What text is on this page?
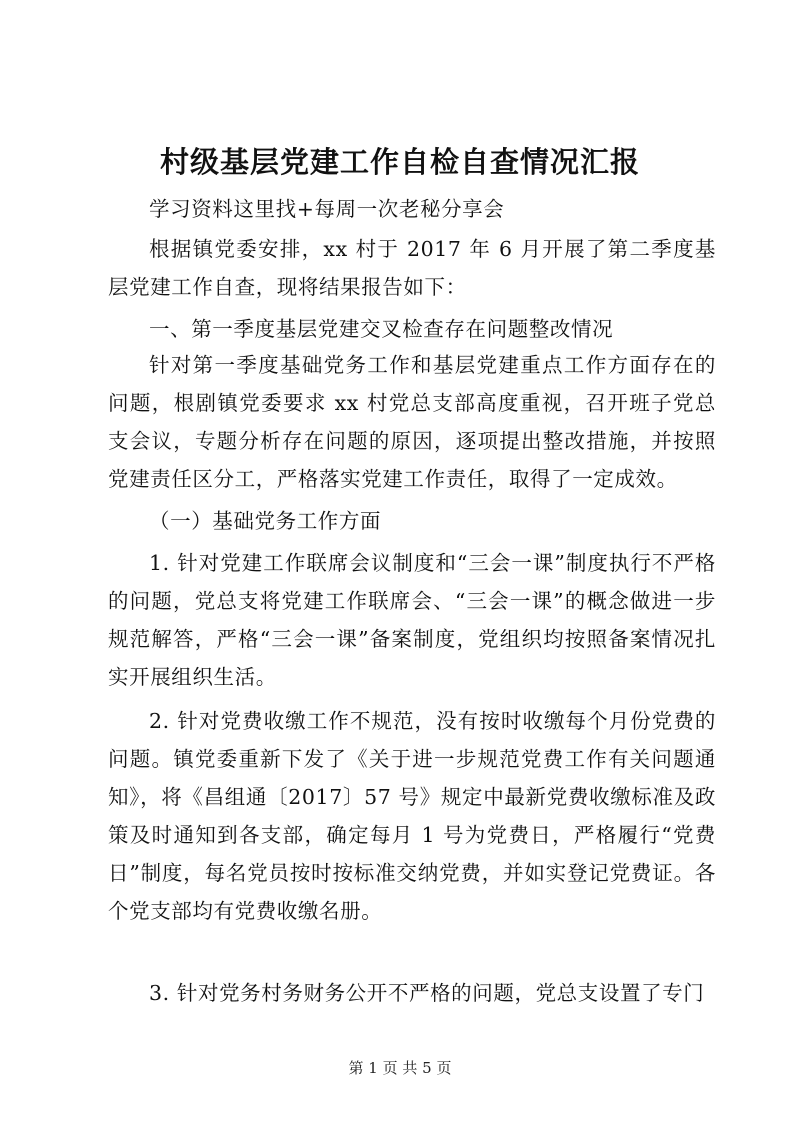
村级基层党建工作自检自查情况汇报

学习资料这里找+每周一次老秘分享会

根据镇党委安排，xx 村于 2017 年 6 月开展了第二季度基层党建工作自查，现将结果报告如下：

一、第一季度基层党建交叉检查存在问题整改情况

针对第一季度基础党务工作和基层党建重点工作方面存在的问题，根剧镇党委要求 xx 村党总支部高度重视，召开班子党总支会议，专题分析存在问题的原因，逐项提出整改措施，并按照党建责任区分工，严格落实党建工作责任，取得了一定成效。

（一）基础党务工作方面

1. 针对党建工作联席会议制度和“三会一课”制度执行不严格的问题，党总支将党建工作联席会、“三会一课”的概念做进一步规范解答，严格“三会一课”备案制度，党组织均按照备案情况扎实开展组织生活。

2. 针对党费收缴工作不规范，没有按时收缴每个月份党费的问题。镇党委重新下发了《关于进一步规范党费工作有关问题通知》，将《昌组通〔2017〕57 号》规定中最新党费收缴标准及政策及时通知到各支部，确定每月 1 号为党费日，严格履行“党费日”制度，每名党员按时按标准交纳党费，并如实登记党费证。各个党支部均有党费收缴名册。

3. 针对党务村务财务公开不严格的问题，党总支设置了专门

第 1 页 共 5 页
